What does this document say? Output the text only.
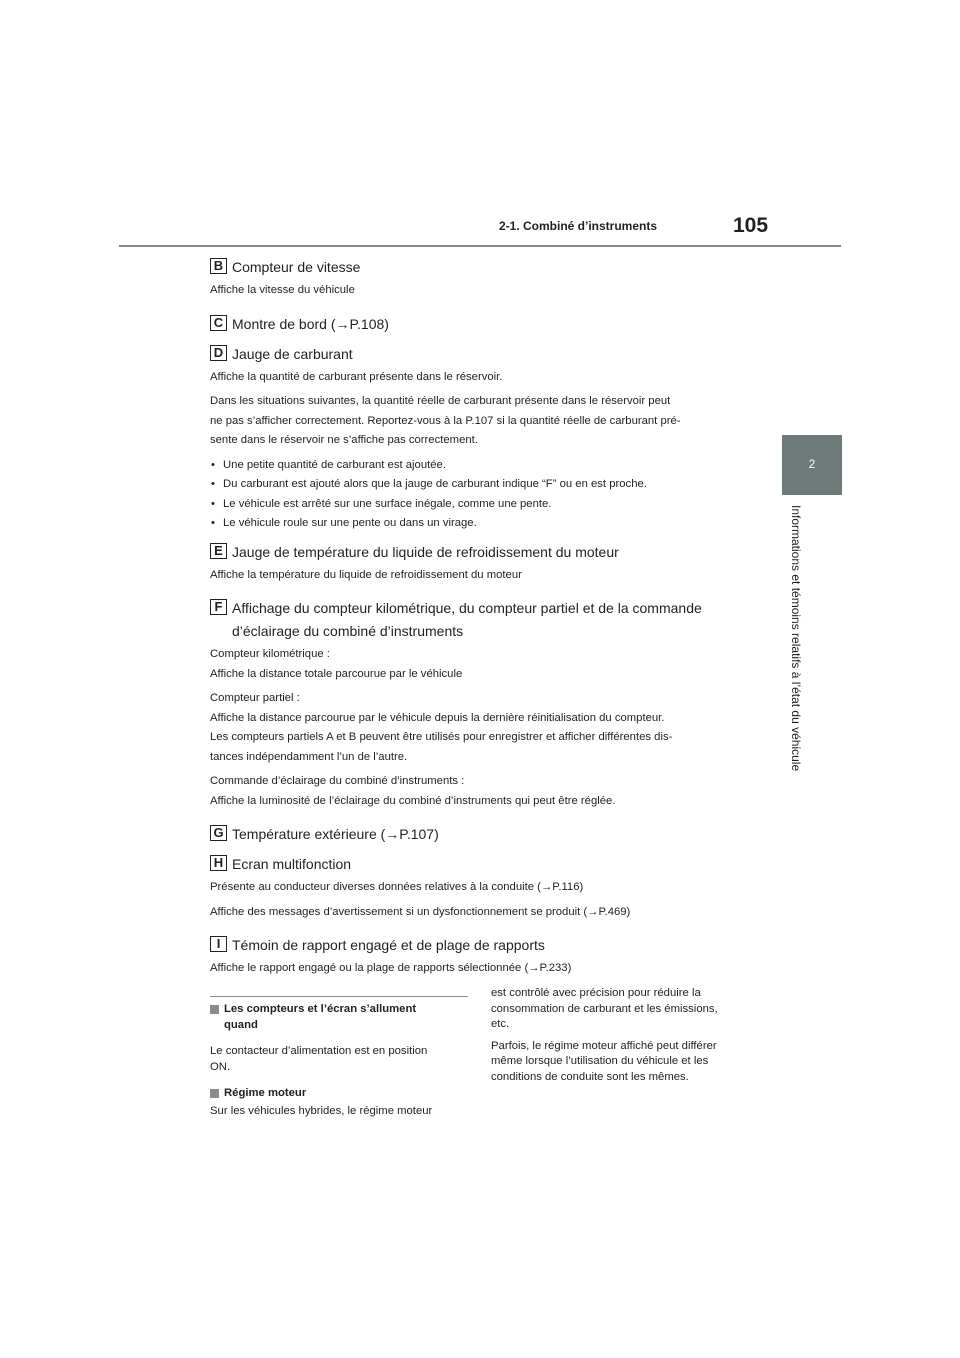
2-1. Combiné d’instruments	105
2
Informations et témoins relatifs à l’état du véhicule
B Compteur de vitesse

Affiche la vitesse du véhicule

C Montre de bord (→P.108)
D Jauge de carburant

Affiche la quantité de carburant présente dans le réservoir.

Dans les situations suivantes, la quantité réelle de carburant présente dans le réservoir peut
ne pas s’afficher correctement. Reportez-vous à la P.107 si la quantité réelle de carburant pré-
sente dans le réservoir ne s’affiche pas correctement.

• Une petite quantité de carburant est ajoutée.
• Du carburant est ajouté alors que la jauge de carburant indique “F” ou en est proche.
• Le véhicule est arrêté sur une surface inégale, comme une pente.
• Le véhicule roule sur une pente ou dans un virage.
E Jauge de température du liquide de refroidissement du moteur

Affiche la température du liquide de refroidissement du moteur

F Affichage du compteur kilométrique, du compteur partiel et de la commande
d’éclairage du combiné d’instruments

Compteur kilométrique :
Affiche la distance totale parcourue par le véhicule

Compteur partiel :
Affiche la distance parcourue par le véhicule depuis la dernière réinitialisation du compteur.
Les compteurs partiels A et B peuvent être utilisés pour enregistrer et afficher différentes dis-
tances indépendamment l’un de l’autre.

Commande d’éclairage du combiné d’instruments :
Affiche la luminosité de l’éclairage du combiné d’instruments qui peut être réglée.

G Température extérieure (→P.107)
H Ecran multifonction

Présente au conducteur diverses données relatives à la conduite (→P.116)

Affiche des messages d’avertissement si un dysfonctionnement se produit (→P.469)

I Témoin de rapport engagé et de plage de rapports

Affiche le rapport engagé ou la plage de rapports sélectionnée (→P.233)

Les compteurs et l’écran s’allument
quand

Le contacteur d’alimentation est en position
ON.

Régime moteur

Sur les véhicules hybrides, le régime moteur

est contrôlé avec précision pour réduire la
consommation de carburant et les émissions,
etc.

Parfois, le régime moteur affiché peut différer
même lorsque l’utilisation du véhicule et les
conditions de conduite sont les mêmes.
